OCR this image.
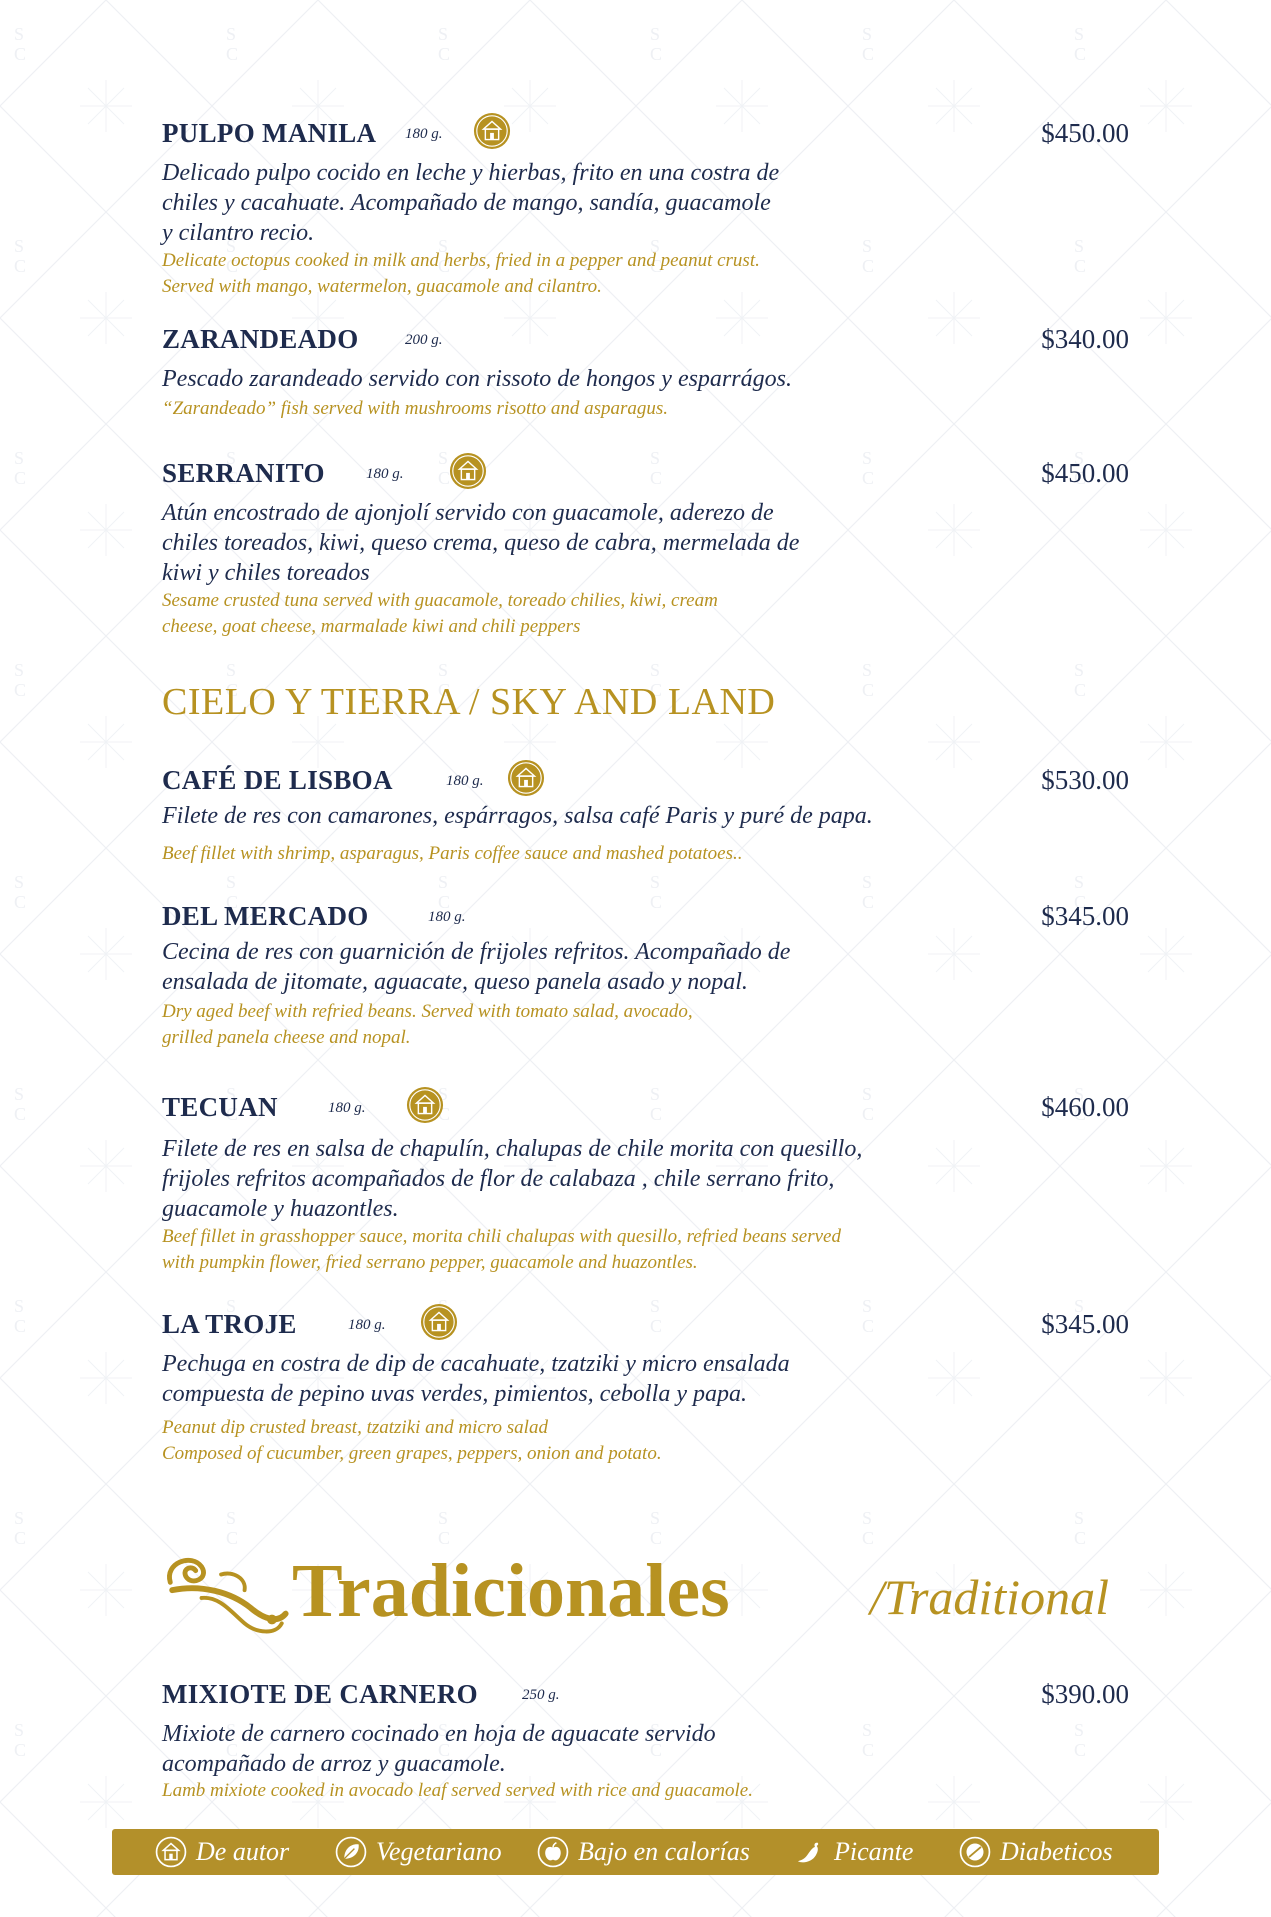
PULPO MANILA 180 g.	$450.00
Delicado pulpo cocido en leche y hierbas, frito en una costra de
chiles y cacahuate. Acompañado de mango, sandía, guacamole
y cilantro recio.
Delicate octopus cooked in milk and herbs, fried in a pepper and peanut crust.
Served with mango, watermelon, guacamole and cilantro.
ZARANDEADO	200 g.	$340.00
Pescado zarandeado servido con rissoto de hongos y esparrágos.
“Zarandeado” fish served with mushrooms risotto and asparagus.
SERRANITO	180 g.	$450.00
Atún encostrado de ajonjolí servido con guacamole, aderezo de
chiles toreados, kiwi, queso crema, queso de cabra, mermelada de
kiwi y chiles toreados
Sesame crusted tuna served with guacamole, toreado chilies, kiwi, cream
cheese, goat cheese, marmalade kiwi and chili peppers
CIELO Y TIERRA / SKY AND LAND
CAFÉ DE LISBOA	180 g.	$530.00
Filete de res con camarones, espárragos, salsa café Paris y puré de papa.
Beef fillet with shrimp, asparagus, Paris coffee sauce and mashed potatoes..
DEL MERCADO	180 g.	$345.00
Cecina de res con guarnición de frijoles refritos. Acompañado de
ensalada de jitomate, aguacate, queso panela asado y nopal.
Dry aged beef with refried beans. Served with tomato salad, avocado,
grilled panela cheese and nopal.
TECUAN	180 g.	$460.00
Filete de res en salsa de chapulín, chalupas de chile morita con quesillo,
frijoles refritos acompañados de flor de calabaza , chile serrano frito,
guacamole y huazontles.
Beef fillet in grasshopper sauce, morita chili chalupas with quesillo, refried beans served
with pumpkin flower, fried serrano pepper, guacamole and huazontles.
LA TROJE	180 g.	$345.00
Pechuga en costra de dip de cacahuate, tzatziki y micro ensalada
compuesta de pepino uvas verdes, pimientos, cebolla y papa.
Peanut dip crusted breast, tzatziki and micro salad
Composed of cucumber, green grapes, peppers, onion and potato.
Tradicionales	/Traditional
MIXIOTE DE CARNERO	250 g.	$390.00
Mixiote de carnero cocinado en hoja de aguacate servido
acompañado de arroz y guacamole.
Lamb mixiote cooked in avocado leaf served served with rice and guacamole.
De autor	Vegetariano	Bajo en calorías	Picante	Diabeticos
